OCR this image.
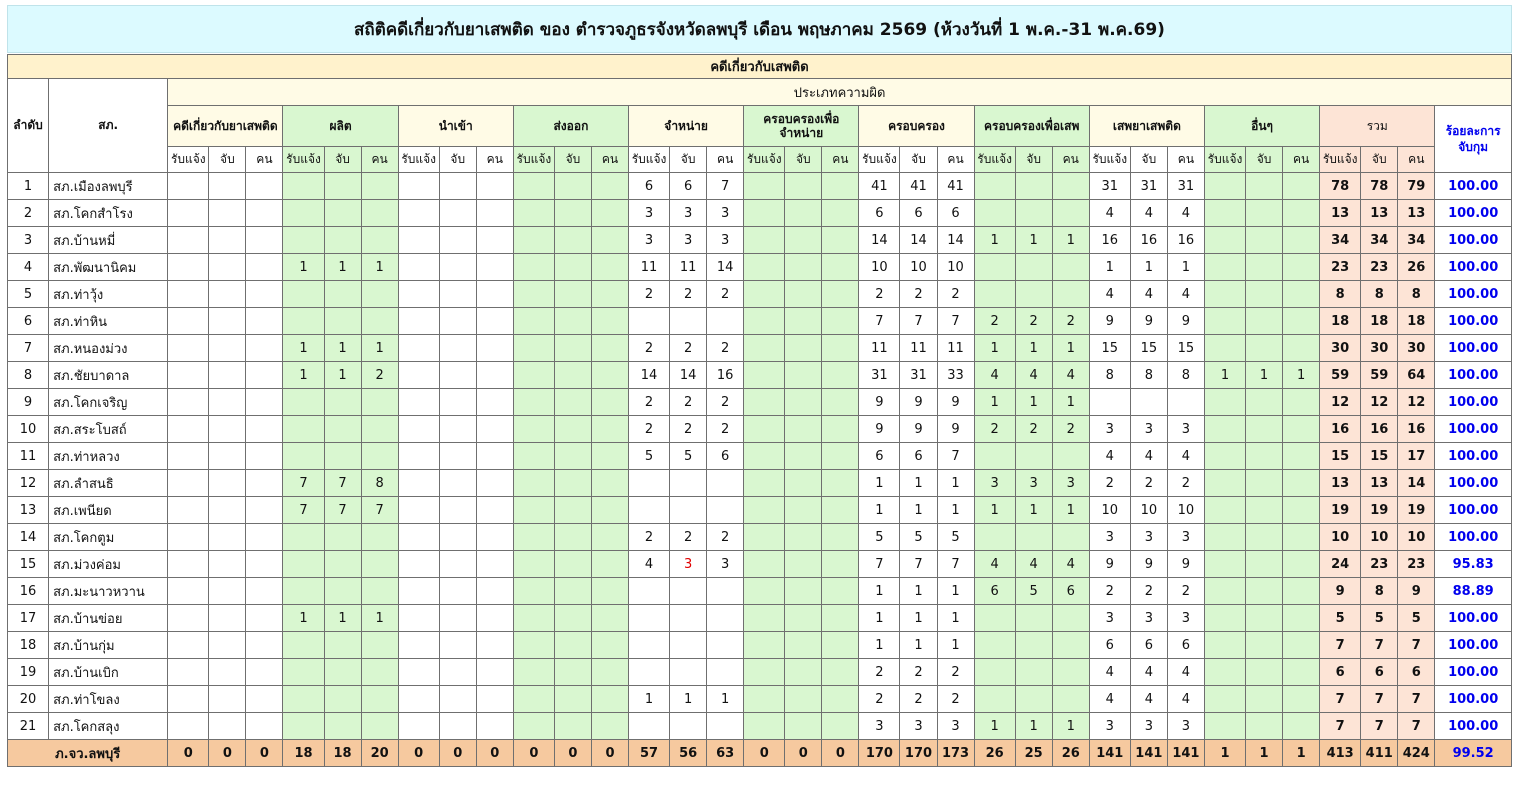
สถิติคดีเกี่ยวกับยาเสพติด ของ ตำรวจภูธรจังหวัดลพบุรี เดือน พฤษภาคม 2569 (ห้วงวันที่ 1 พ.ค.-31 พ.ค.69)
คดีเกี่ยวกับเสพติด																																			
ลำดับ	สภ.	ประเภทความผิด																																	
		คดีเกี่ยวกับยาเสพติด			ผลิต			นำเข้า			ส่งออก			จำหน่าย			ครอบครองเพื่อจำหน่าย			ครอบครอง			ครอบครองเพื่อเสพ			เสพยาเสพติด			อื่นๆ			รวม			ร้อยละการจับกุม
		รับแจ้ง	จับ	คน	รับแจ้ง	จับ	คน	รับแจ้ง	จับ	คน	รับแจ้ง	จับ	คน	รับแจ้ง	จับ	คน	รับแจ้ง	จับ	คน	รับแจ้ง	จับ	คน	รับแจ้ง	จับ	คน	รับแจ้ง	จับ	คน	รับแจ้ง	จับ	คน	รับแจ้ง	จับ	คน	
1	สภ.เมืองลพบุรี													6	6	7				41	41	41				31	31	31				78	78	79	100.00
2	สภ.โคกสำโรง													3	3	3				6	6	6				4	4	4				13	13	13	100.00
3	สภ.บ้านหมี่													3	3	3				14	14	14	1	1	1	16	16	16				34	34	34	100.00
4	สภ.พัฒนานิคม				1	1	1							11	11	14				10	10	10				1	1	1				23	23	26	100.00
5	สภ.ท่าวุ้ง													2	2	2				2	2	2				4	4	4				8	8	8	100.00
6	สภ.ท่าหิน																			7	7	7	2	2	2	9	9	9				18	18	18	100.00
7	สภ.หนองม่วง				1	1	1							2	2	2				11	11	11	1	1	1	15	15	15				30	30	30	100.00
8	สภ.ชัยบาดาล				1	1	2							14	14	16				31	31	33	4	4	4	8	8	8	1	1	1	59	59	64	100.00
9	สภ.โคกเจริญ													2	2	2				9	9	9	1	1	1							12	12	12	100.00
10	สภ.สระโบสถ์													2	2	2				9	9	9	2	2	2	3	3	3				16	16	16	100.00
11	สภ.ท่าหลวง													5	5	6				6	6	7				4	4	4				15	15	17	100.00
12	สภ.ลำสนธิ				7	7	8													1	1	1	3	3	3	2	2	2				13	13	14	100.00
13	สภ.เพนียด				7	7	7													1	1	1	1	1	1	10	10	10				19	19	19	100.00
14	สภ.โคกตูม													2	2	2				5	5	5				3	3	3				10	10	10	100.00
15	สภ.ม่วงค่อม													4	3	3				7	7	7	4	4	4	9	9	9				24	23	23	95.83
16	สภ.มะนาวหวาน																			1	1	1	6	5	6	2	2	2				9	8	9	88.89
17	สภ.บ้านข่อย				1	1	1													1	1	1				3	3	3				5	5	5	100.00
18	สภ.บ้านกุ่ม																			1	1	1				6	6	6				7	7	7	100.00
19	สภ.บ้านเบิก																			2	2	2				4	4	4				6	6	6	100.00
20	สภ.ท่าโขลง													1	1	1				2	2	2				4	4	4				7	7	7	100.00
21	สภ.โคกสลุง																			3	3	3	1	1	1	3	3	3				7	7	7	100.00
ภ.จว.ลพบุรี		0	0	0	18	18	20	0	0	0	0	0	0	57	56	63	0	0	0	170	170	173	26	25	26	141	141	141	1	1	1	413	411	424	99.52
